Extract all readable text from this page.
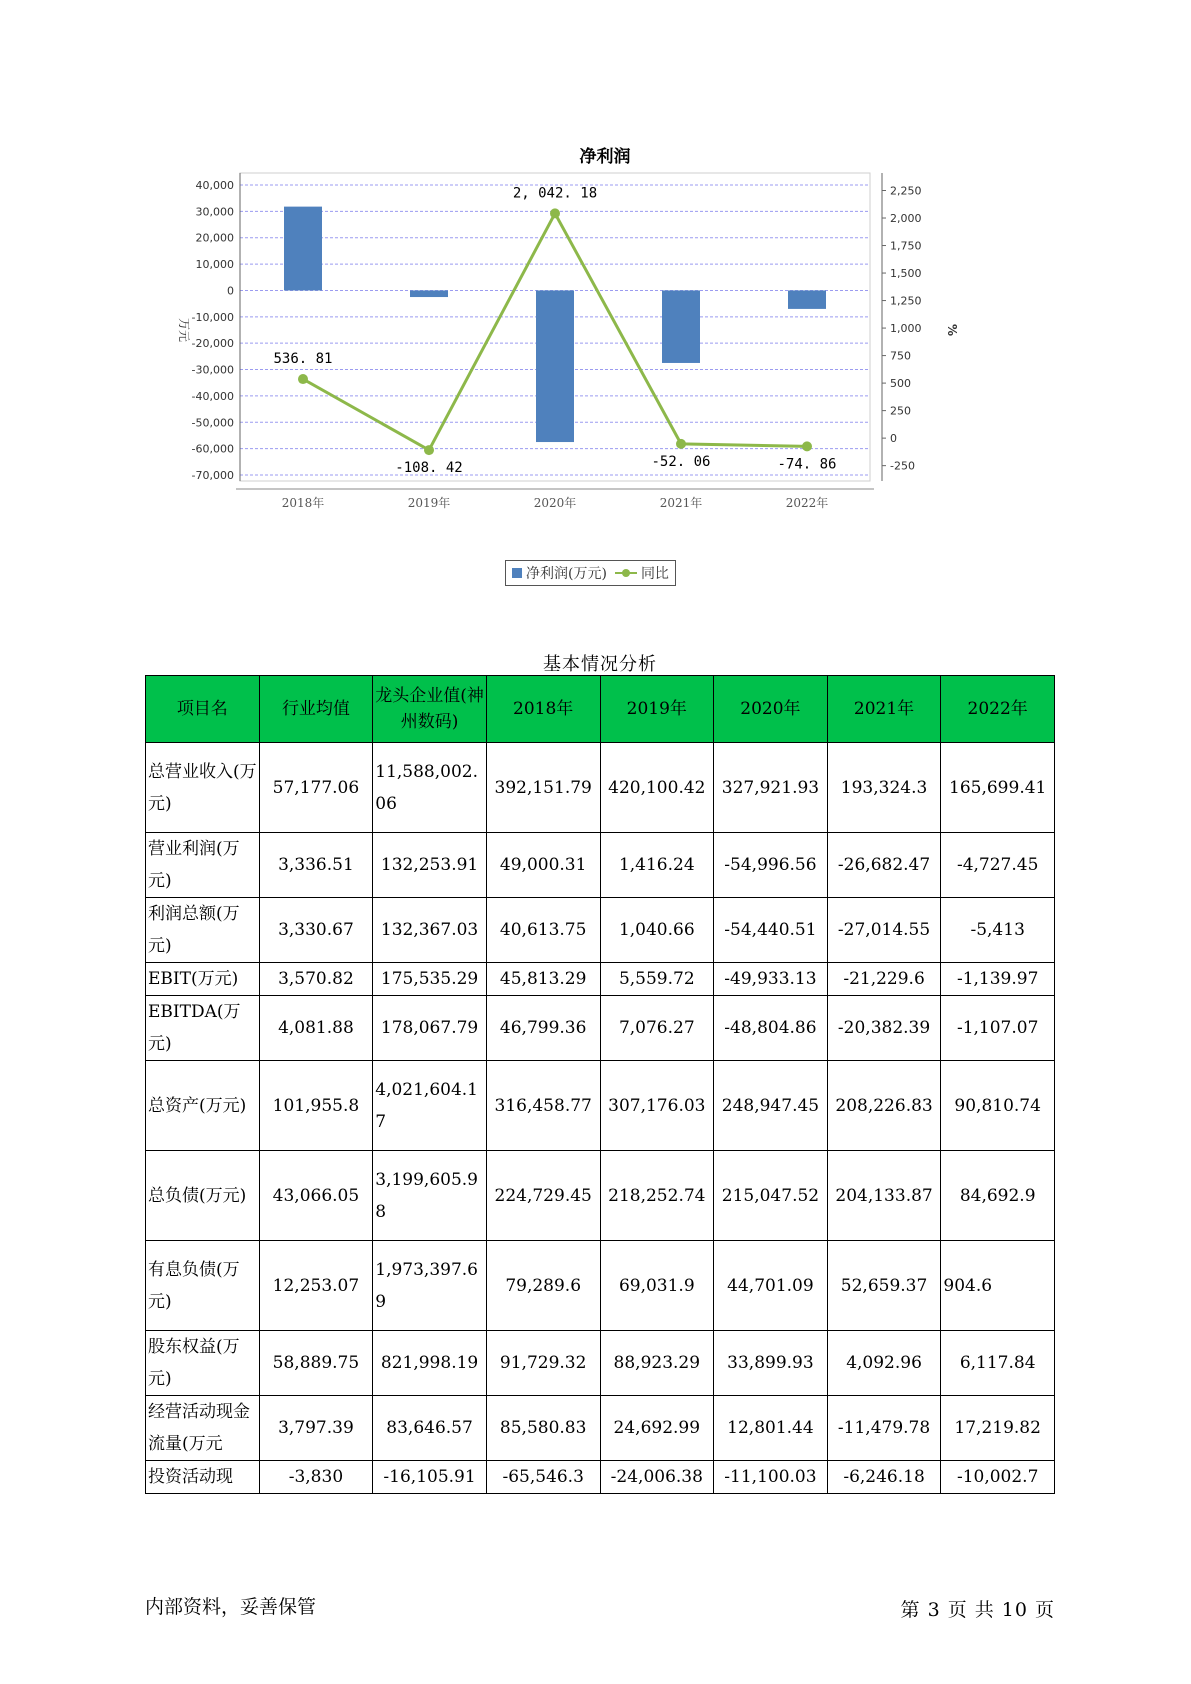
净利润
40,000
30,000
20,000
10,000
0
-10,000
-20,000
-30,000
-40,000
-50,000
-60,000
-70,000
2,250
2,000
1,750
1,500
1,250
1,000
750
500
250
0
-250
万元	%
2018年	2019年	2020年	2021年	2022年
536. 81
-108. 42
2, 042. 18
-52. 06	-74. 86
净利润(万元) 同比
基本情况分析
项目名	行业均值	龙头企业值(神州数码)	2018年	2019年	2020年	2021年	2022年
总营业收入(万元)	57,177.06	11,588,002.06	392,151.79	420,100.42	327,921.93	193,324.3	165,699.41
营业利润(万元)	3,336.51	132,253.91	49,000.31	1,416.24	-54,996.56	-26,682.47	-4,727.45
利润总额(万元)	3,330.67	132,367.03	40,613.75	1,040.66	-54,440.51	-27,014.55	-5,413
EBIT(万元)	3,570.82	175,535.29	45,813.29	5,559.72	-49,933.13	-21,229.6	-1,139.97
EBITDA(万元)	4,081.88	178,067.79	46,799.36	7,076.27	-48,804.86	-20,382.39	-1,107.07
总资产(万元)	101,955.8	4,021,604.17	316,458.77	307,176.03	248,947.45	208,226.83	90,810.74
总负债(万元)	43,066.05	3,199,605.98	224,729.45	218,252.74	215,047.52	204,133.87	84,692.9
有息负债(万元)	12,253.07	1,973,397.69	79,289.6	69,031.9	44,701.09	52,659.37	904.6
股东权益(万元)	58,889.75	821,998.19	91,729.32	88,923.29	33,899.93	4,092.96	6,117.84
经营活动现金流量(万元	3,797.39	83,646.57	85,580.83	24,692.99	12,801.44	-11,479.78	17,219.82
投资活动现	-3,830	-16,105.91	-65,546.3	-24,006.38	-11,100.03	-6,246.18	-10,002.7
内部资料，妥善保管	第 3 页 共 10 页
